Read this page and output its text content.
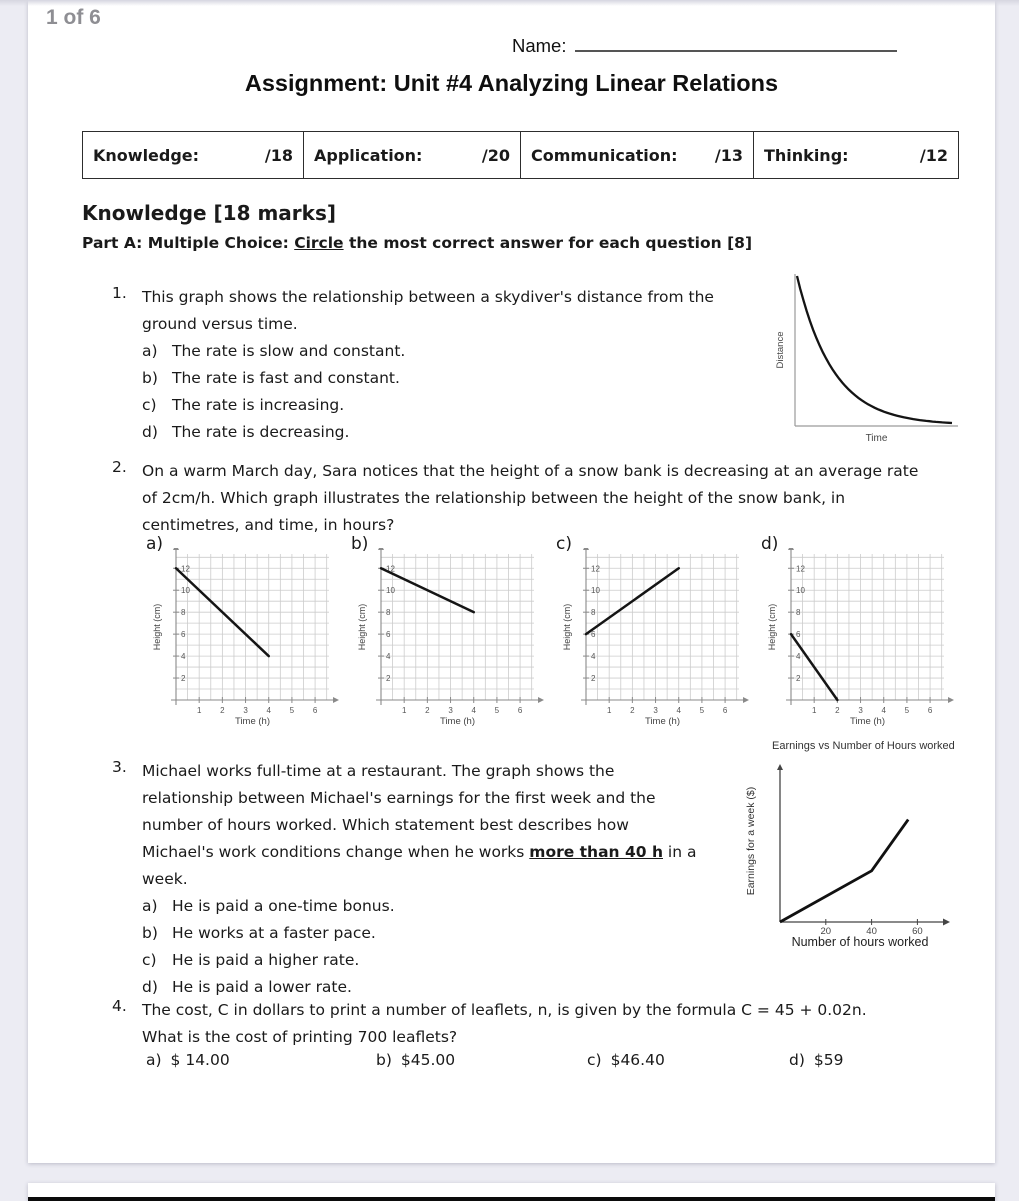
1 of 6
Name:
Assignment: Unit #4 Analyzing Linear Relations
Knowledge:	/18 Application:	/20 Communication: /13 Thinking:	/12
Knowledge [18 marks]
Part A: Multiple Choice: Circle the most correct answer for each question [8]
1. This graph shows the relationship between a skydiver's distance from the
ground versus time.
a) The rate is slow and constant.
b) The rate is fast and constant.
c) The rate is increasing.
d) The rate is decreasing.
Distance
Time
2. On a warm March day, Sara notices that the height of a snow bank is decreasing at an average rate
of 2cm/h. Which graph illustrates the relationship between the height of the snow bank, in
centimetres, and time, in hours?
a)
2
4
6
8
10
12
1 2 3 4 5 6
Time (h)
Height (cm)
b)
2
4
6
8
10
12
1 2 3 4 5 6
Time (h)
Height (cm)
c)
2
4
6
8
10
12
1 2 3 4 5 6
Time (h)
Height (cm)
d)
2
4
6
8
10
12
1 2 3 4 5 6
Time (h)
Height (cm)
3. Michael works full-time at a restaurant. The graph shows the
relationship between Michael's earnings for the first week and the
number of hours worked. Which statement best describes how
Michael's work conditions change when he works more than 40 h in a
week.
a) He is paid a one-time bonus.
b) He works at a faster pace.
c) He is paid a higher rate.
d) He is paid a lower rate.
Earnings vs Number of Hours worked
20	40	60
Number of hours worked
Earnings for a week ($)
4. The cost, C in dollars to print a number of leaflets, n, is given by the formula C = 45 + 0.02n.
What is the cost of printing 700 leaflets?
a) $ 14.00	b) $45.00	c) $46.40	d) $59
